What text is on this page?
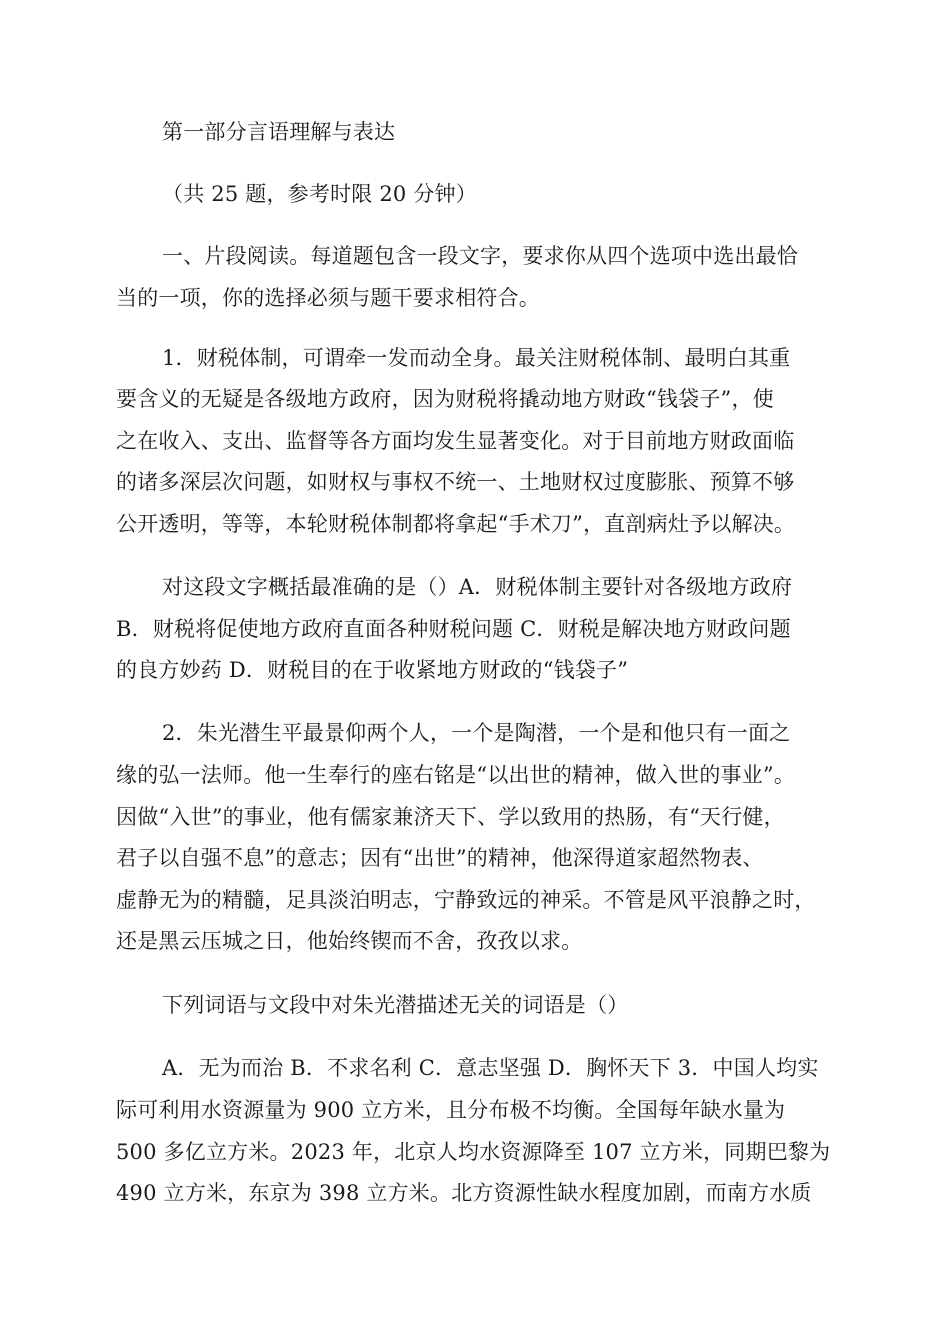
第一部分言语理解与表达
（共 25 题，参考时限 20 分钟）
一、片段阅读。每道题包含一段文字，要求你从四个选项中选出最恰
当的一项，你的选择必须与题干要求相符合。
1．财税体制，可谓牵一发而动全身。最关注财税体制、最明白其重
要含义的无疑是各级地方政府，因为财税将撬动地方财政“钱袋子”，使
之在收入、支出、监督等各方面均发生显著变化。对于目前地方财政面临
的诸多深层次问题，如财权与事权不统一、土地财权过度膨胀、预算不够
公开透明，等等，本轮财税体制都将拿起“手术刀”，直剖病灶予以解决。
对这段文字概括最准确的是（）A．财税体制主要针对各级地方政府
B．财税将促使地方政府直面各种财税问题 C．财税是解决地方财政问题
的良方妙药 D．财税目的在于收紧地方财政的“钱袋子”
2．朱光潜生平最景仰两个人，一个是陶潜，一个是和他只有一面之
缘的弘一法师。他一生奉行的座右铭是“以出世的精神，做入世的事业”。
因做“入世”的事业，他有儒家兼济天下、学以致用的热肠，有“天行健，
君子以自强不息”的意志；因有“出世”的精神，他深得道家超然物表、
虚静无为的精髓，足具淡泊明志，宁静致远的神采。不管是风平浪静之时，
还是黑云压城之日，他始终锲而不舍，孜孜以求。
下列词语与文段中对朱光潜描述无关的词语是（）
A．无为而治 B．不求名利 C．意志坚强 D．胸怀天下 3．中国人均实
际可利用水资源量为 900 立方米，且分布极不均衡。全国每年缺水量为
500 多亿立方米。2023 年，北京人均水资源降至 107 立方米，同期巴黎为
490 立方米，东京为 398 立方米。北方资源性缺水程度加剧，而南方水质
